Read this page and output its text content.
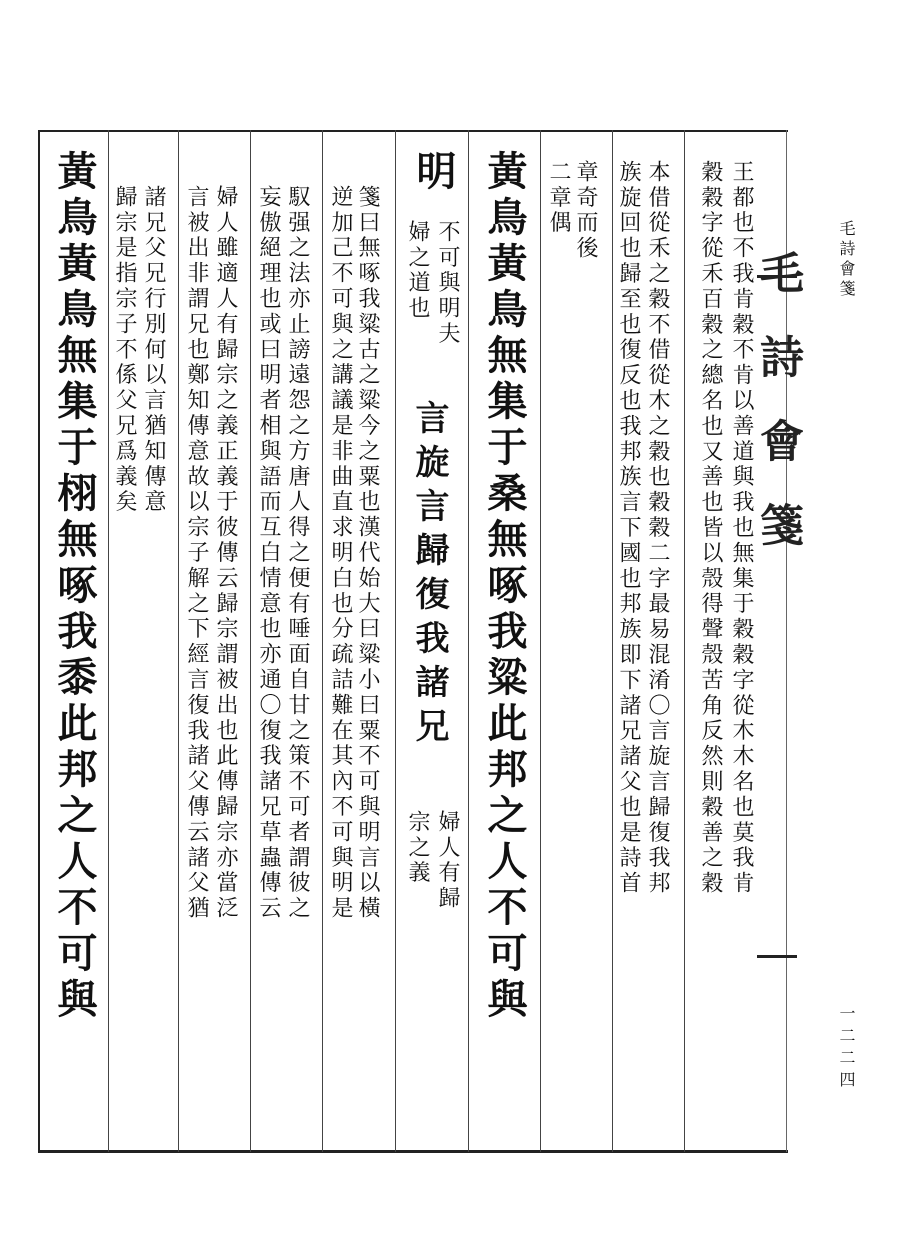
毛詩會箋 毛詩會箋
一二二四
王都也不我肯穀不肯以善道與我也無集于穀穀字從木木名也莫我肯
穀穀字從禾百穀之總名也又善也皆以殼得聲殼苦角反然則穀善之穀
本借從禾之穀不借從木之穀也穀穀二字最易混淆〇言旋言歸復我邦
族旋回也歸至也復反也我邦族言下國也邦族即下諸兄諸父也是詩首
章奇而後
二章偶
黃鳥黃鳥無集于桑無啄我粱此邦之人不可與
明
不可與明夫
婦之道也
言旋言歸復我諸兄
婦人有歸
宗之義
箋曰無啄我粱古之粱今之粟也漢代始大曰粱小曰粟不可與明言以橫
逆加己不可與之講議是非曲直求明白也分疏詰難在其內不可與明是
馭强之法亦止謗遠怨之方唐人得之便有唾面自甘之策不可者謂彼之
妄傲絕理也或曰明者相與語而互白情意也亦通〇復我諸兄草蟲傳云
婦人雖適人有歸宗之義正義于彼傳云歸宗謂被出也此傳歸宗亦當泛
言被出非謂兄也鄭知傳意故以宗子解之下經言復我諸父傳云諸父猶
諸兄父兄行別何以言猶知傳意
歸宗是指宗子不係父兄爲義矣
黃鳥黃鳥無集于栩無啄我黍此邦之人不可與
